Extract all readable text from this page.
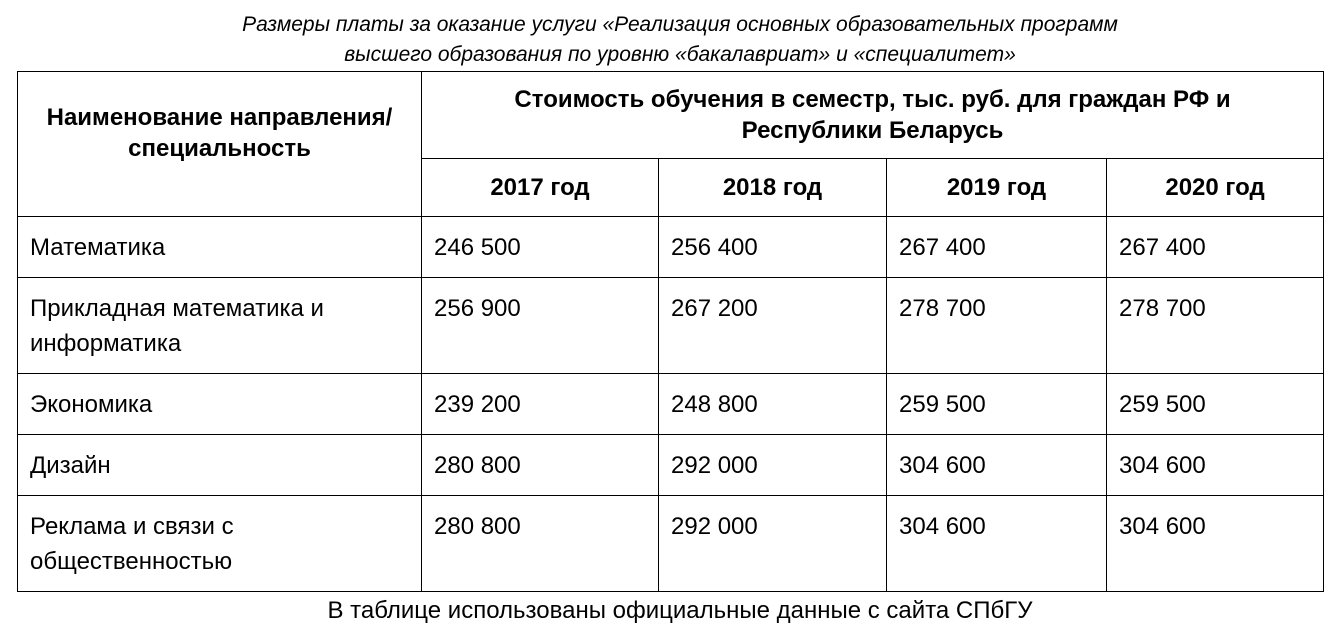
Размеры платы за оказание услуги «Реализация основных образовательных программ
высшего образования по уровню «бакалавриат» и «специалитет»
Наименование направления/специальность	Стоимость обучения в семестр, тыс. руб. для граждан РФ и Республики Беларусь			
	2017 год	2018 год	2019 год	2020 год
Математика	246 500	256 400	267 400	267 400
Прикладная математика и информатика	256 900	267 200	278 700	278 700
Экономика	239 200	248 800	259 500	259 500
Дизайн	280 800	292 000	304 600	304 600
Реклама и связи с общественностью	280 800	292 000	304 600	304 600
В таблице использованы официальные данные с сайта СПбГУ
